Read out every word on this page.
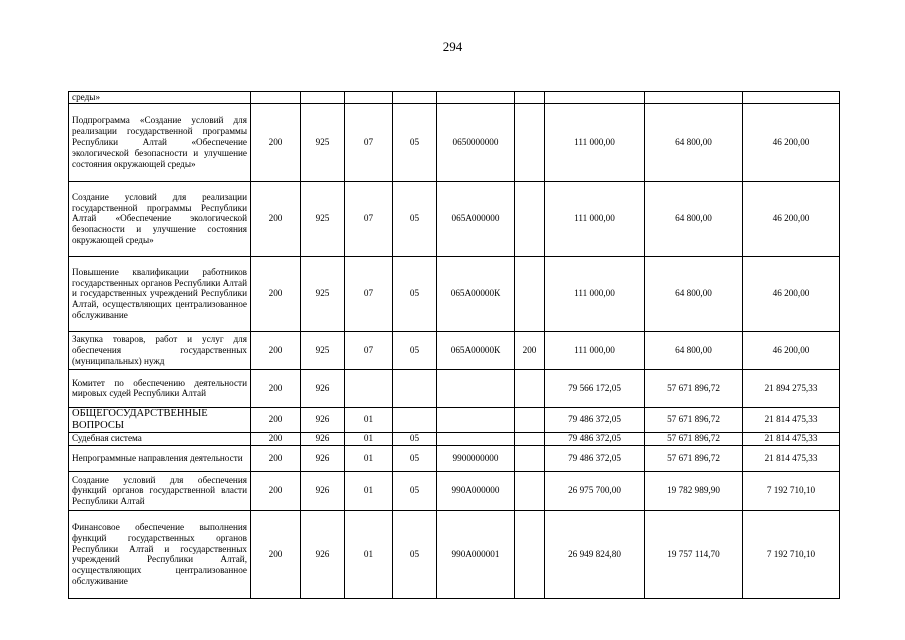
294
среды»									
Подпрограмма «Создание условий для реализации государственной программы Республики Алтай «Обеспечение экологической безопасности и улучшение состояния окружающей среды»	200	925	07	05	0650000000		111 000,00	64 800,00	46 200,00
Создание условий для реализации государственной программы Республики Алтай «Обеспечение экологической безопасности и улучшение состояния окружающей среды»	200	925	07	05	065А000000		111 000,00	64 800,00	46 200,00
Повышение квалификации работников государственных органов Республики Алтай и государственных учреждений Республики Алтай, осуществляющих централизованное обслуживание	200	925	07	05	065А00000К		111 000,00	64 800,00	46 200,00
Закупка товаров, работ и услуг для обеспечения государственных (муниципальных) нужд	200	925	07	05	065А00000К	200	111 000,00	64 800,00	46 200,00
Комитет по обеспечению деятельности мировых судей Республики Алтай	200	926					79 566 172,05	57 671 896,72	21 894 275,33
ОБЩЕГОСУДАРСТВЕННЫЕ ВОПРОСЫ	200	926	01				79 486 372,05	57 671 896,72	21 814 475,33
Судебная система	200	926	01	05			79 486 372,05	57 671 896,72	21 814 475,33
Непрограммные направления деятельности	200	926	01	05	9900000000		79 486 372,05	57 671 896,72	21 814 475,33
Создание условий для обеспечения функций органов государственной власти Республики Алтай	200	926	01	05	990А000000		26 975 700,00	19 782 989,90	7 192 710,10
Финансовое обеспечение выполнения функций государственных органов Республики Алтай и государственных учреждений Республики Алтай, осуществляющих централизованное обслуживание	200	926	01	05	990А000001		26 949 824,80	19 757 114,70	7 192 710,10
